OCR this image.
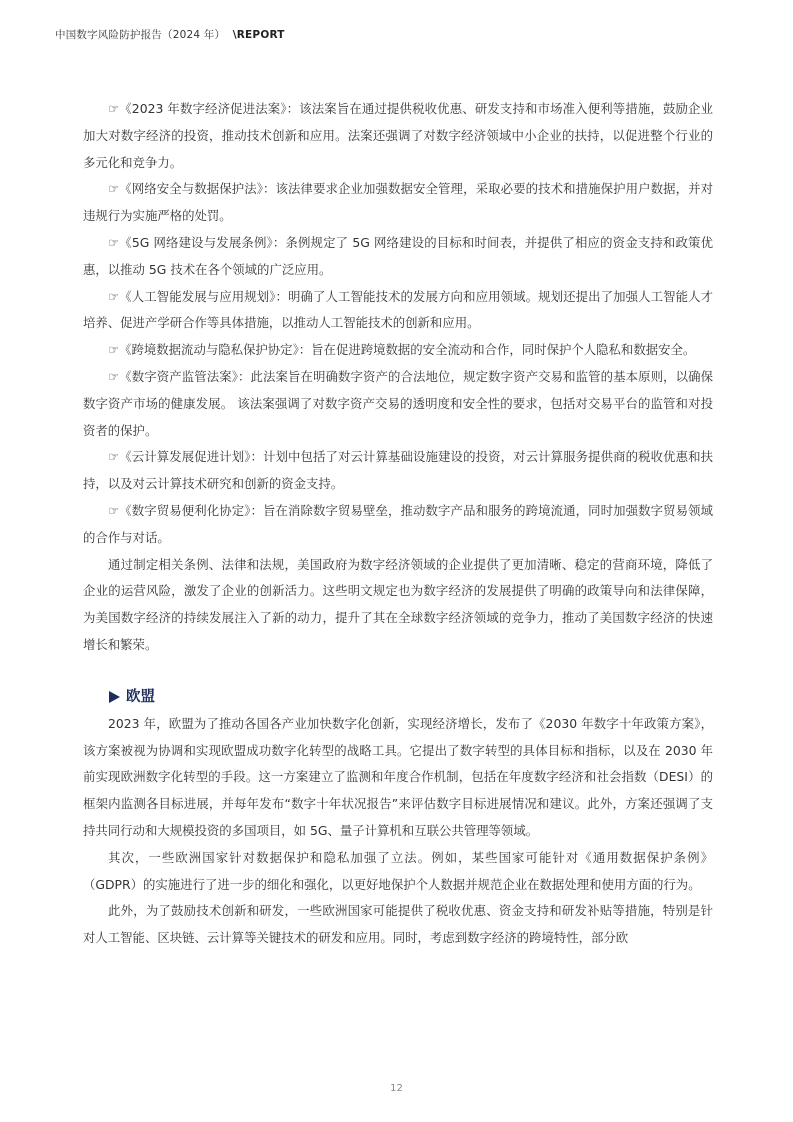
中国数字风险防护报告（2024 年） \REPORT

☞《2023 年数字经济促进法案》：该法案旨在通过提供税收优惠、研发支持和市场准入便利等措施，鼓励企业加大对数字经济的投资，推动技术创新和应用。法案还强调了对数字经济领域中小企业的扶持，以促进整个行业的多元化和竞争力。

☞《网络安全与数据保护法》：该法律要求企业加强数据安全管理，采取必要的技术和措施保护用户数据，并对违规行为实施严格的处罚。

☞《5G 网络建设与发展条例》：条例规定了 5G 网络建设的目标和时间表，并提供了相应的资金支持和政策优惠，以推动 5G 技术在各个领域的广泛应用。

☞《人工智能发展与应用规划》：明确了人工智能技术的发展方向和应用领域。规划还提出了加强人工智能人才培养、促进产学研合作等具体措施，以推动人工智能技术的创新和应用。

☞《跨境数据流动与隐私保护协定》：旨在促进跨境数据的安全流动和合作，同时保护个人隐私和数据安全。

☞《数字资产监管法案》：此法案旨在明确数字资产的合法地位，规定数字资产交易和监管的基本原则，以确保数字资产市场的健康发展。 该法案强调了对数字资产交易的透明度和安全性的要求，包括对交易平台的监管和对投资者的保护。

☞《云计算发展促进计划》：计划中包括了对云计算基础设施建设的投资，对云计算服务提供商的税收优惠和扶持，以及对云计算技术研究和创新的资金支持。

☞《数字贸易便利化协定》：旨在消除数字贸易壁垒，推动数字产品和服务的跨境流通，同时加强数字贸易领域的合作与对话。

通过制定相关条例、法律和法规，美国政府为数字经济领域的企业提供了更加清晰、稳定的营商环境，降低了企业的运营风险，激发了企业的创新活力。这些明文规定也为数字经济的发展提供了明确的政策导向和法律保障，为美国数字经济的持续发展注入了新的动力，提升了其在全球数字经济领域的竞争力，推动了美国数字经济的快速增长和繁荣。

欧盟

2023 年，欧盟为了推动各国各产业加快数字化创新，实现经济增长，发布了《2030 年数字十年政策方案》，该方案被视为协调和实现欧盟成功数字化转型的战略工具。它提出了数字转型的具体目标和指标，以及在 2030 年前实现欧洲数字化转型的手段。这一方案建立了监测和年度合作机制，包括在年度数字经济和社会指数（DESI）的框架内监测各目标进展，并每年发布“数字十年状况报告”来评估数字目标进展情况和建议。此外，方案还强调了支持共同行动和大规模投资的多国项目，如 5G、量子计算机和互联公共管理等领域。

其次，一些欧洲国家针对数据保护和隐私加强了立法。例如，某些国家可能针对《通用数据保护条例》（GDPR）的实施进行了进一步的细化和强化，以更好地保护个人数据并规范企业在数据处理和使用方面的行为。

此外，为了鼓励技术创新和研发，一些欧洲国家可能提供了税收优惠、资金支持和研发补贴等措施，特别是针对人工智能、区块链、云计算等关键技术的研发和应用。同时，考虑到数字经济的跨境特性，部分欧

12
